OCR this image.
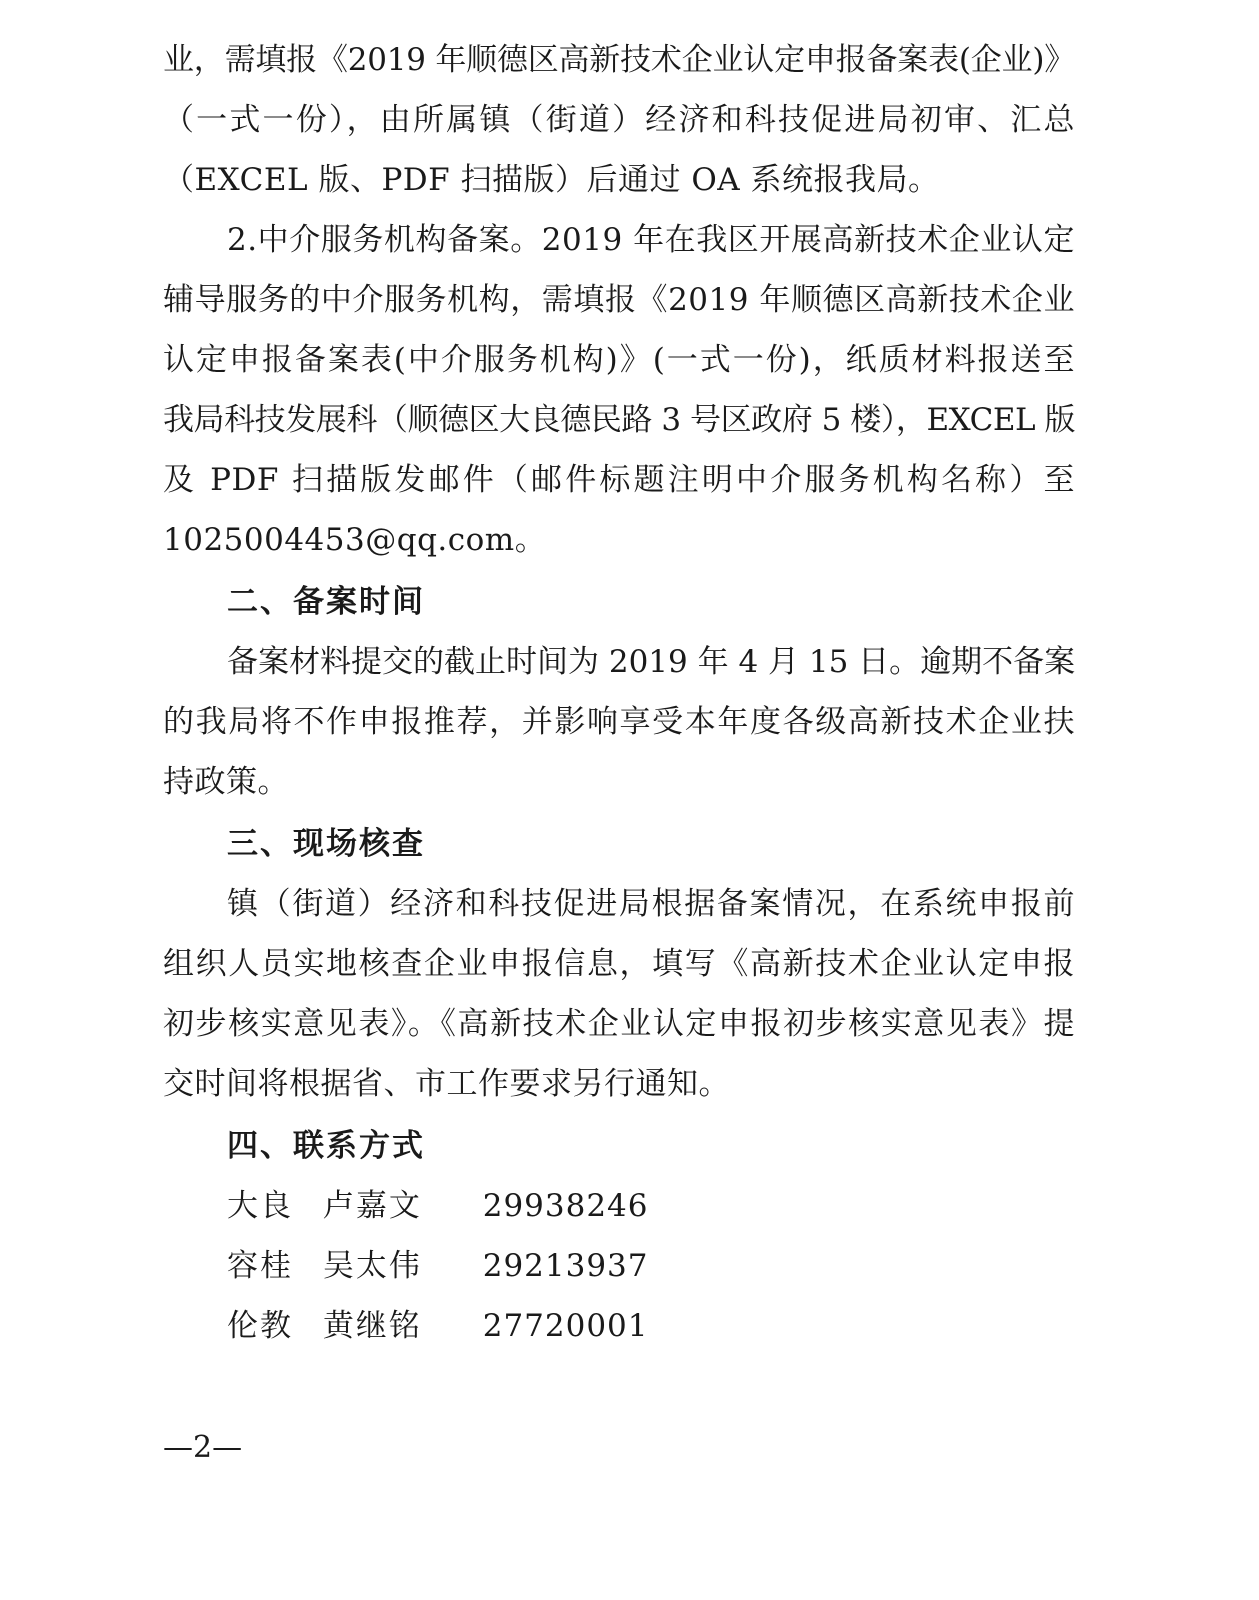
业，需填报《2019 年顺德区高新技术企业认定申报备案表(企业)》
（一式一份），由所属镇（街道）经济和科技促进局初审、汇总
（EXCEL 版、PDF 扫描版）后通过 OA 系统报我局。
2.中介服务机构备案。2019 年在我区开展高新技术企业认定
辅导服务的中介服务机构，需填报《2019 年顺德区高新技术企业
认定申报备案表(中介服务机构)》(一式一份)，纸质材料报送至
我局科技发展科（顺德区大良德民路 3 号区政府 5 楼），EXCEL 版
及 PDF 扫描版发邮件（邮件标题注明中介服务机构名称）至
1025004453@qq.com。
二、备案时间
备案材料提交的截止时间为 2019 年 4 月 15 日。逾期不备案
的我局将不作申报推荐，并影响享受本年度各级高新技术企业扶
持政策。
三、现场核查
镇（街道）经济和科技促进局根据备案情况，在系统申报前
组织人员实地核查企业申报信息，填写《高新技术企业认定申报
初步核实意见表》。《高新技术企业认定申报初步核实意见表》提
交时间将根据省、市工作要求另行通知。
四、联系方式
大良 卢嘉文 29938246
容桂 吴太伟 29213937
伦教 黄继铭 27720001
—2—
